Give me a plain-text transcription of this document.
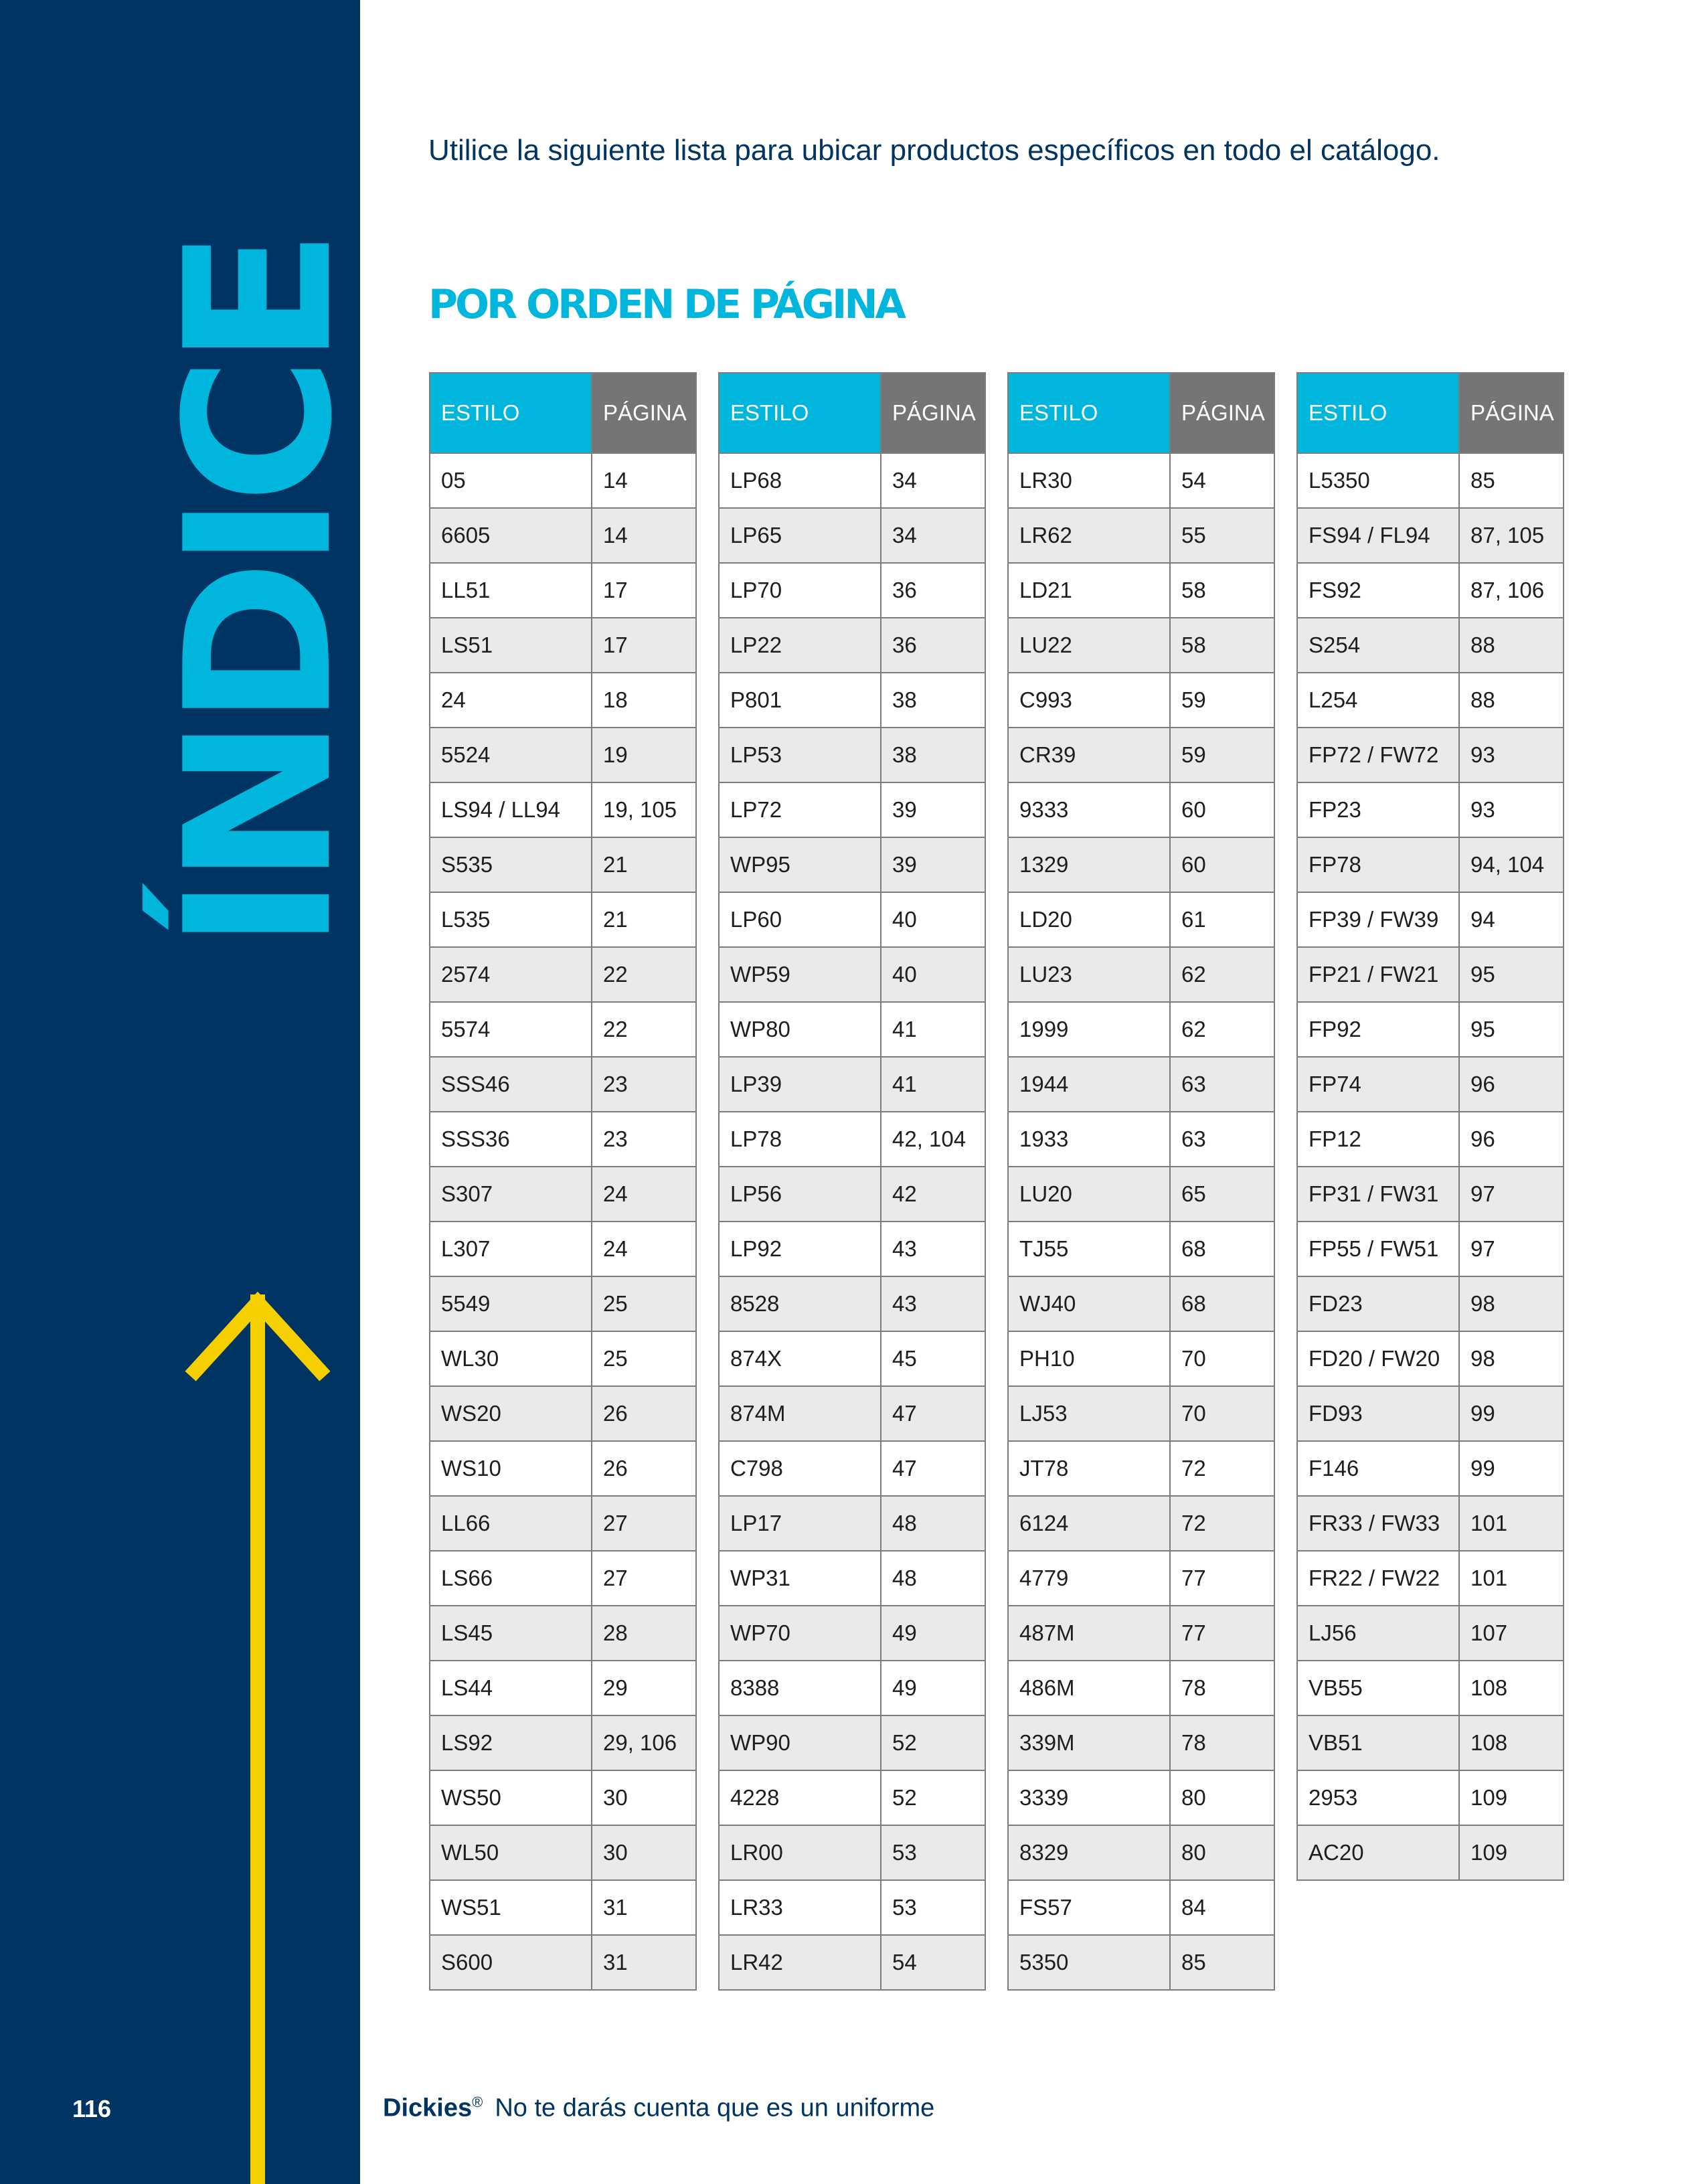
ÍNDICE
116
Utilice la siguiente lista para ubicar productos específicos en todo el catálogo.
POR ORDEN DE PÁGINA
ESTILO	PÁGINA
05	14
6605	14
LL51	17
LS51	17
24	18
5524	19
LS94 / LL94	19, 105
S535	21
L535	21
2574	22
5574	22
SSS46	23
SSS36	23
S307	24
L307	24
5549	25
WL30	25
WS20	26
WS10	26
LL66	27
LS66	27
LS45	28
LS44	29
LS92	29, 106
WS50	30
WL50	30
WS51	31
S600	31
ESTILO	PÁGINA
LP68	34
LP65	34
LP70	36
LP22	36
P801	38
LP53	38
LP72	39
WP95	39
LP60	40
WP59	40
WP80	41
LP39	41
LP78	42, 104
LP56	42
LP92	43
8528	43
874X	45
874M	47
C798	47
LP17	48
WP31	48
WP70	49
8388	49
WP90	52
4228	52
LR00	53
LR33	53
LR42	54
ESTILO	PÁGINA
LR30	54
LR62	55
LD21	58
LU22	58
C993	59
CR39	59
9333	60
1329	60
LD20	61
LU23	62
1999	62
1944	63
1933	63
LU20	65
TJ55	68
WJ40	68
PH10	70
LJ53	70
JT78	72
6124	72
4779	77
487M	77
486M	78
339M	78
3339	80
8329	80
FS57	84
5350	85
ESTILO	PÁGINA
L5350	85
FS94 / FL94	87, 105
FS92	87, 106
S254	88
L254	88
FP72 / FW72	93
FP23	93
FP78	94, 104
FP39 / FW39	94
FP21 / FW21	95
FP92	95
FP74	96
FP12	96
FP31 / FW31	97
FP55 / FW51	97
FD23	98
FD20 / FW20	98
FD93	99
F146	99
FR33 / FW33	101
FR22 / FW22	101
LJ56	107
VB55	108
VB51	108
2953	109
AC20	109
Dickies® No te darás cuenta que es un uniforme
